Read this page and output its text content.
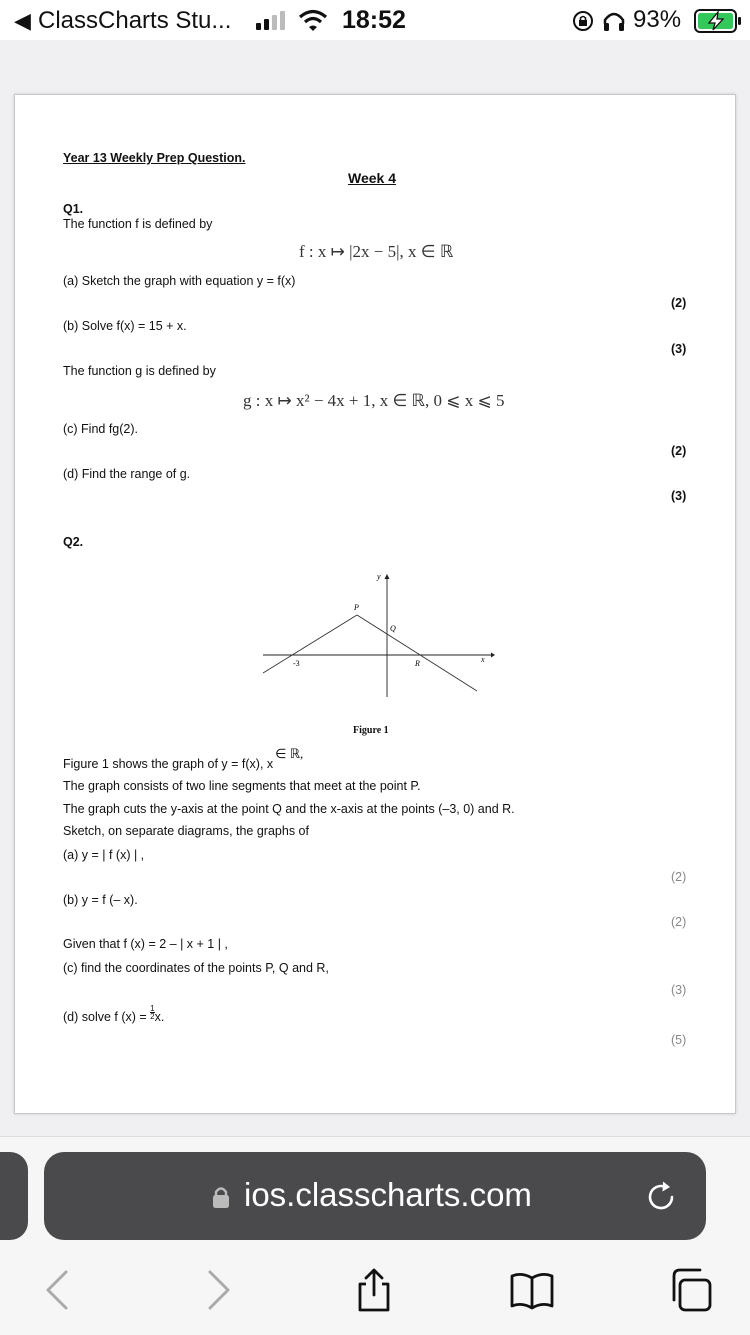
◀ ClassCharts Stu...	18:52	93%
Year 13 Weekly Prep Question.
Week 4
Q1.
The function f is defined by
f : x ↦ |2x − 5|, x ∈ ℝ
(a) Sketch the graph with equation y = f(x)
(2)
(b) Solve f(x) = 15 + x.
(3)
The function g is defined by
g : x ↦ x² − 4x + 1, x ∈ ℝ, 0 ⩽ x ⩽ 5
(c) Find fg(2).
(2)
(d) Find the range of g.
(3)
Q2.
y
x
P
Q
R
-3
Figure 1
Figure 1 shows the graph of y = f(x), x∈ ℝ,
The graph consists of two line segments that meet at the point P.
The graph cuts the y-axis at the point Q and the x-axis at the points (–3, 0) and R.
Sketch, on separate diagrams, the graphs of
(a) y = | f (x) | ,
(2)
(b) y = f (– x).
(2)
Given that f (x) = 2 – | x + 1 | ,
(c) find the coordinates of the points P, Q and R,
(3)
(d) solve f $(x) = \frac{1}{2} x$.
(5)
ios.classcharts.com
